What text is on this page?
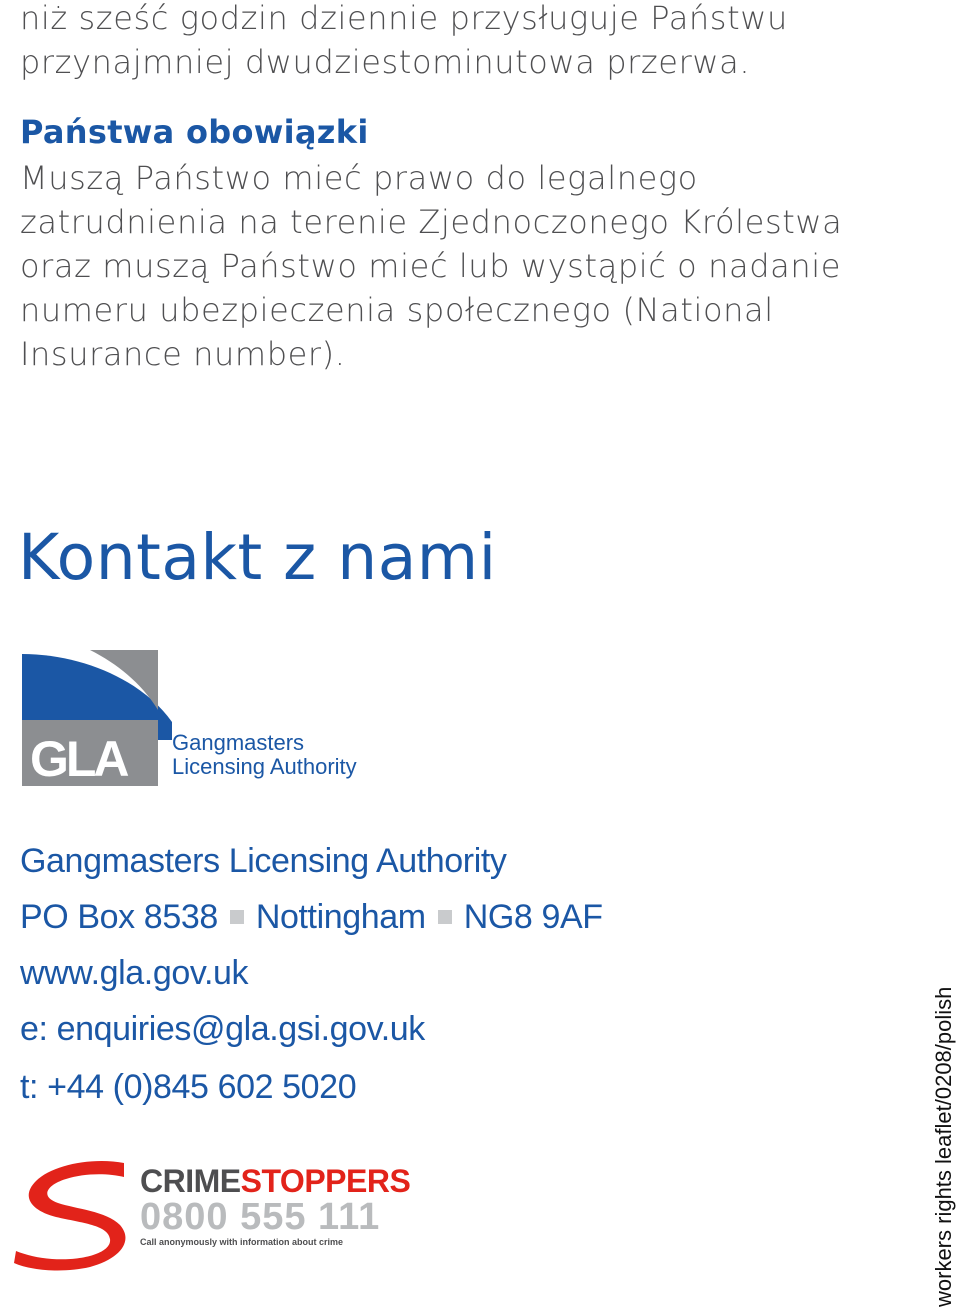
niż sześć godzin dziennie przysługuje Państwu
przynajmniej dwudziestominutowa przerwa.

Państwa obowiązki
Muszą Państwo mieć prawo do legalnego
zatrudnienia na terenie Zjednoczonego Królestwa
oraz muszą Państwo mieć lub wystąpić o nadanie
numeru ubezpieczenia społecznego (National
Insurance number).

Kontakt z nami
GLA Gangmasters
Licensing Authority
Gangmasters Licensing Authority
PO Box 8538 Nottingham NG8 9AF
www.gla.gov.uk
e: enquiries@gla.gsi.gov.uk
t: +44 (0)845 602 5020
CRIMESTOPPERS
0800 555 111
Call anonymously with information about crime	workers rights leaflet/0208/polish
